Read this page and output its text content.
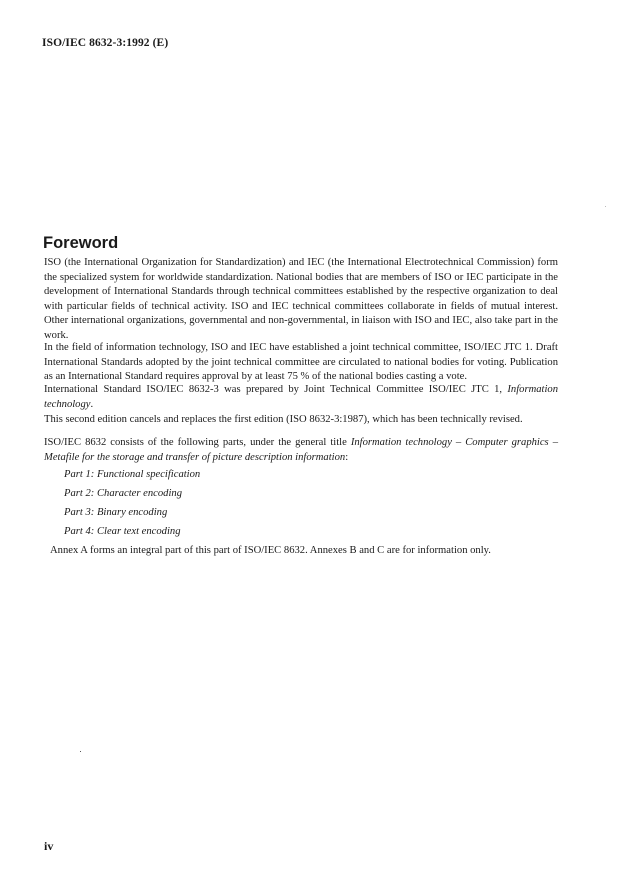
ISO/IEC 8632-3:1992 (E)
Foreword

ISO (the International Organization for Standardization) and IEC (the International Electrotechnical Commission) form the specialized system for worldwide standardization. National bodies that are members of ISO or IEC participate in the development of International Standards through technical committees established by the respective organization to deal with particular fields of technical activity. ISO and IEC technical committees collaborate in fields of mutual interest. Other international organizations, governmental and non-governmental, in liaison with ISO and IEC, also take part in the work.

In the field of information technology, ISO and IEC have established a joint technical committee, ISO/IEC JTC 1. Draft International Standards adopted by the joint technical committee are circulated to national bodies for voting. Publication as an International Standard requires approval by at least 75 % of the national bodies casting a vote.

International Standard ISO/IEC 8632-3 was prepared by Joint Technical Committee ISO/IEC JTC 1, Information technology.

This second edition cancels and replaces the first edition (ISO 8632-3:1987), which has been technically revised.

ISO/IEC 8632 consists of the following parts, under the general title Information technology – Computer graphics – Metafile for the storage and transfer of picture description information:

Part 1: Functional specification

Part 2: Character encoding

Part 3: Binary encoding

Part 4: Clear text encoding

Annex A forms an integral part of this part of ISO/IEC 8632. Annexes B and C are for information only.

iv
